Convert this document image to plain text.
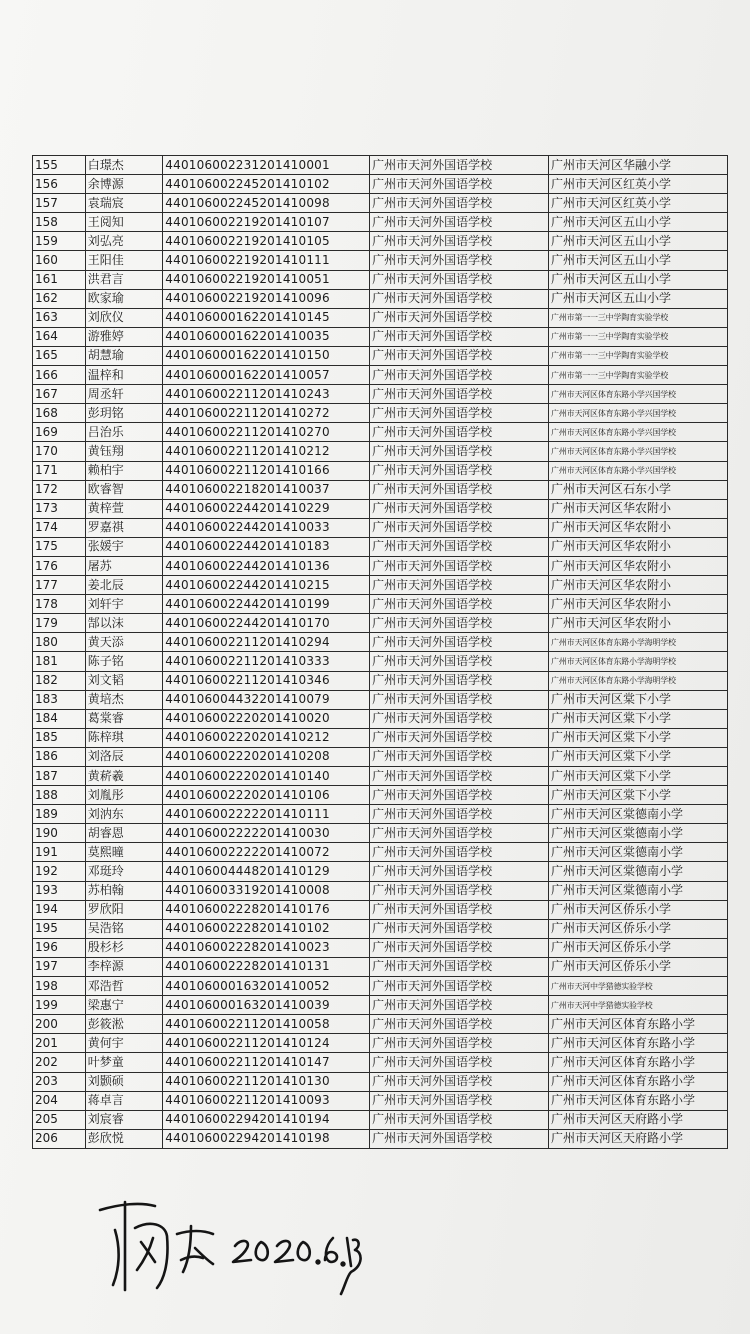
155	白璟杰	440106002231201410001	广州市天河外国语学校	广州市天河区华融小学
156	余博源	440106002245201410102	广州市天河外国语学校	广州市天河区红英小学
157	袁瑞宸	440106002245201410098	广州市天河外国语学校	广州市天河区红英小学
158	王阅知	440106002219201410107	广州市天河外国语学校	广州市天河区五山小学
159	刘弘亮	440106002219201410105	广州市天河外国语学校	广州市天河区五山小学
160	王阳佳	440106002219201410111	广州市天河外国语学校	广州市天河区五山小学
161	洪君言	440106002219201410051	广州市天河外国语学校	广州市天河区五山小学
162	欧家瑜	440106002219201410096	广州市天河外国语学校	广州市天河区五山小学
163	刘欣仪	440106000162201410145	广州市天河外国语学校	广州市第一一三中学陶育实验学校
164	游雅婷	440106000162201410035	广州市天河外国语学校	广州市第一一三中学陶育实验学校
165	胡慧瑜	440106000162201410150	广州市天河外国语学校	广州市第一一三中学陶育实验学校
166	温梓和	440106000162201410057	广州市天河外国语学校	广州市第一一三中学陶育实验学校
167	周丞轩	440106002211201410243	广州市天河外国语学校	广州市天河区体育东路小学兴国学校
168	彭玥铭	440106002211201410272	广州市天河外国语学校	广州市天河区体育东路小学兴国学校
169	吕治乐	440106002211201410270	广州市天河外国语学校	广州市天河区体育东路小学兴国学校
170	黄钰翔	440106002211201410212	广州市天河外国语学校	广州市天河区体育东路小学兴国学校
171	赖柏宇	440106002211201410166	广州市天河外国语学校	广州市天河区体育东路小学兴国学校
172	欧睿智	440106002218201410037	广州市天河外国语学校	广州市天河区石东小学
173	黄梓萱	440106002244201410229	广州市天河外国语学校	广州市天河区华农附小
174	罗嘉祺	440106002244201410033	广州市天河外国语学校	广州市天河区华农附小
175	张媛宇	440106002244201410183	广州市天河外国语学校	广州市天河区华农附小
176	屠苏	440106002244201410136	广州市天河外国语学校	广州市天河区华农附小
177	姜北辰	440106002244201410215	广州市天河外国语学校	广州市天河区华农附小
178	刘轩宇	440106002244201410199	广州市天河外国语学校	广州市天河区华农附小
179	郜以沫	440106002244201410170	广州市天河外国语学校	广州市天河区华农附小
180	黄天添	440106002211201410294	广州市天河外国语学校	广州市天河区体育东路小学海明学校
181	陈子铭	440106002211201410333	广州市天河外国语学校	广州市天河区体育东路小学海明学校
182	刘文韬	440106002211201410346	广州市天河外国语学校	广州市天河区体育东路小学海明学校
183	黄培杰	440106004432201410079	广州市天河外国语学校	广州市天河区棠下小学
184	葛棠睿	440106002220201410020	广州市天河外国语学校	广州市天河区棠下小学
185	陈梓琪	440106002220201410212	广州市天河外国语学校	广州市天河区棠下小学
186	刘洛辰	440106002220201410208	广州市天河外国语学校	广州市天河区棠下小学
187	黄菥羲	440106002220201410140	广州市天河外国语学校	广州市天河区棠下小学
188	刘胤彤	440106002220201410106	广州市天河外国语学校	广州市天河区棠下小学
189	刘汭东	440106002222201410111	广州市天河外国语学校	广州市天河区棠德南小学
190	胡睿恩	440106002222201410030	广州市天河外国语学校	广州市天河区棠德南小学
191	莫熙曈	440106002222201410072	广州市天河外国语学校	广州市天河区棠德南小学
192	邓珽玲	440106004448201410129	广州市天河外国语学校	广州市天河区棠德南小学
193	苏柏翰	440106003319201410008	广州市天河外国语学校	广州市天河区棠德南小学
194	罗欣阳	440106002228201410176	广州市天河外国语学校	广州市天河区侨乐小学
195	吴浩铭	440106002228201410102	广州市天河外国语学校	广州市天河区侨乐小学
196	殷杉杉	440106002228201410023	广州市天河外国语学校	广州市天河区侨乐小学
197	李梓源	440106002228201410131	广州市天河外国语学校	广州市天河区侨乐小学
198	邓浩哲	440106000163201410052	广州市天河外国语学校	广州市天河中学猎德实验学校
199	梁惠宁	440106000163201410039	广州市天河外国语学校	广州市天河中学猎德实验学校
200	彭筱淞	440106002211201410058	广州市天河外国语学校	广州市天河区体育东路小学
201	黄何宇	440106002211201410124	广州市天河外国语学校	广州市天河区体育东路小学
202	叶梦童	440106002211201410147	广州市天河外国语学校	广州市天河区体育东路小学
203	刘颢硕	440106002211201410130	广州市天河外国语学校	广州市天河区体育东路小学
204	蒋卓言	440106002211201410093	广州市天河外国语学校	广州市天河区体育东路小学
205	刘宸睿	440106002294201410194	广州市天河外国语学校	广州市天河区天府路小学
206	彭欣悦	440106002294201410198	广州市天河外国语学校	广州市天河区天府路小学
